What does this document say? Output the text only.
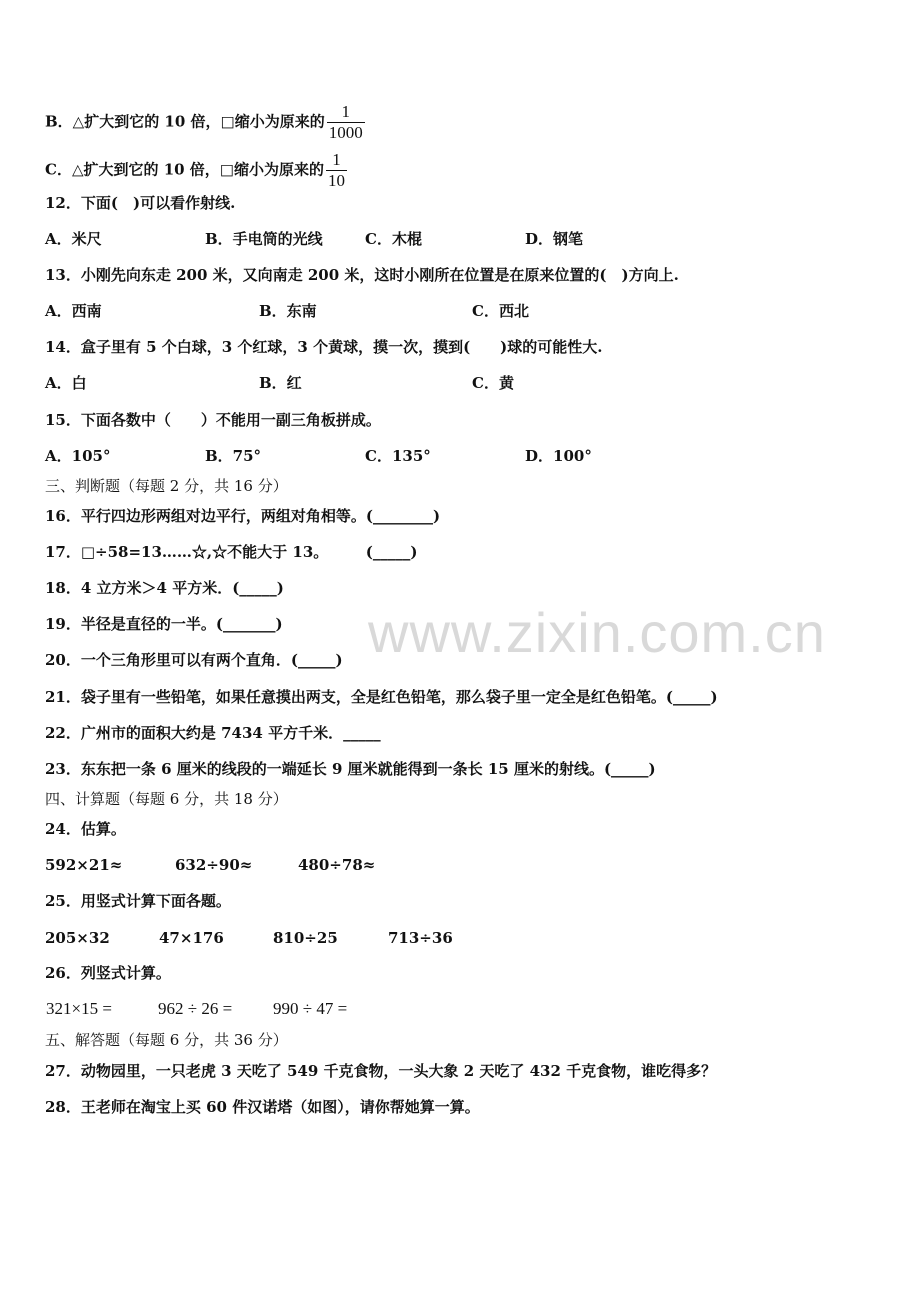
www.zixin.com.cn
B．△扩大到它的 10 倍，□缩小为原来的 $\frac{1}{1000}$
C．△扩大到它的 10 倍，□缩小为原来的 $\frac{1}{10}$
12．下面(　)可以看作射线.
A．米尺	B．手电筒的光线	C．木棍	D．钢笔
13．小刚先向东走 200 米，又向南走 200 米，这时小刚所在位置是在原来位置的(　)方向上.
A．西南	B．东南	C．西北
14．盒子里有 5 个白球，3 个红球，3 个黄球，摸一次，摸到(　　)球的可能性大.
A．白	B．红	C．黄
15．下面各数中（　　）不能用一副三角板拼成。
A．105°	B．75°	C．135°	D．100°
三、判断题（每题 2 分，共 16 分）
16．平行四边形两组对边平行，两组对角相等。(________)
17．□÷58=13……☆,☆不能大于 13。　　　(_____)
18．4 立方米＞4 平方米．(_____)
19．半径是直径的一半。(_______)
20．一个三角形里可以有两个直角．(_____)
21．袋子里有一些铅笔，如果任意摸出两支，全是红色铅笔，那么袋子里一定全是红色铅笔。(_____)
22．广州市的面积大约是 7434 平方千米．_____
23．东东把一条 6 厘米的线段的一端延长 9 厘米就能得到一条长 15 厘米的射线。(_____)
四、计算题（每题 6 分，共 18 分）
24．估算。
592×21≈	632÷90≈	480÷78≈
25．用竖式计算下面各题。
205×32	47×176	810÷25	713÷36
26．列竖式计算。
321×15 =	962 ÷ 26 = 990 ÷ 47 =
五、解答题（每题 6 分，共 36 分）
27．动物园里，一只老虎 3 天吃了 549 千克食物，一头大象 2 天吃了 432 千克食物，谁吃得多？
28．王老师在淘宝上买 60 件汉诺塔（如图），请你帮她算一算。
